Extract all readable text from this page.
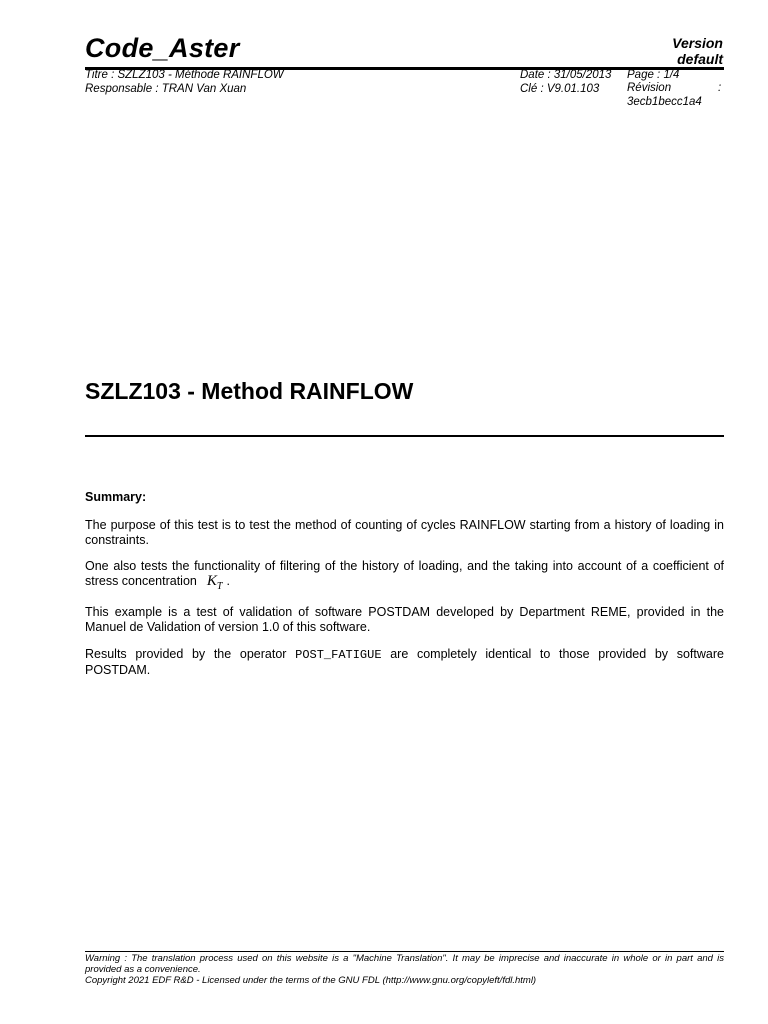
Code_Aster	Version
default
Titre : SZLZ103 - Méthode RAINFLOW
Responsable : TRAN Van Xuan
Date : 31/05/2013
Clé : V9.01.103
Page : 1/4
Révision	:
3ecb1becc1a4
SZLZ103 - Method RAINFLOW
Summary:
The purpose of this test is to test the method of counting of cycles RAINFLOW starting from a history of loading in constraints.
One also tests the functionality of filtering of the history of loading, and the taking into account of a coefficient of stress concentration $K_T$ .
This example is a test of validation of software POSTDAM developed by Department REME, provided in the Manuel de Validation of version 1.0 of this software.
Results provided by the operator POST_FATIGUE are completely identical to those provided by software POSTDAM.
Warning : The translation process used on this website is a "Machine Translation". It may be imprecise and inaccurate in whole or in part and is provided as a convenience.
Copyright 2021 EDF R&D - Licensed under the terms of the GNU FDL (http://www.gnu.org/copyleft/fdl.html)
